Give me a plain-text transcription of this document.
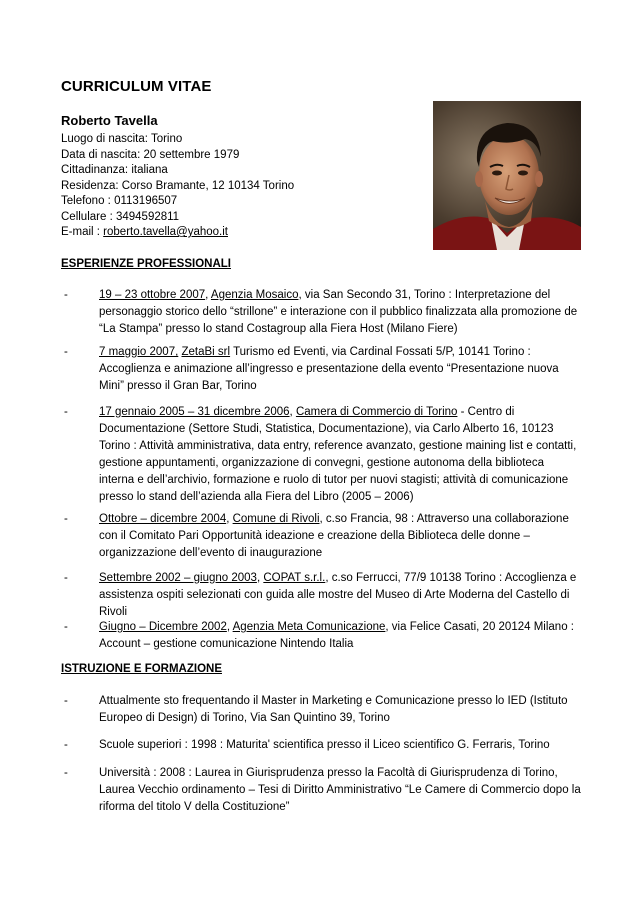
CURRICULUM VITAE
Roberto Tavella
Luogo di nascita: Torino
Data di nascita: 20 settembre 1979
Cittadinanza: italiana
Residenza: Corso Bramante, 12 10134 Torino
Telefono : 0113196507
Cellulare : 3494592811
E-mail : roberto.tavella@yahoo.it
ESPERIENZE PROFESSIONALI
-	19 – 23 ottobre 2007, Agenzia Mosaico, via San Secondo 31, Torino : Interpretazione del personaggio storico dello “strillone” e interazione con il pubblico finalizzata alla promozione de “La Stampa” presso lo stand Costagroup alla Fiera Host (Milano Fiere)
-	7 maggio 2007, ZetaBi srl Turismo ed Eventi, via Cardinal Fossati 5/P, 10141 Torino : Accoglienza e animazione all’ingresso e presentazione della evento “Presentazione nuova Mini” presso il Gran Bar, Torino
-	17 gennaio 2005 – 31 dicembre 2006, Camera di Commercio di Torino - Centro di Documentazione (Settore Studi, Statistica, Documentazione), via Carlo Alberto 16, 10123 Torino : Attività amministrativa, data entry, reference avanzato, gestione maining list e contatti, gestione appuntamenti, organizzazione di convegni, gestione autonoma della biblioteca interna e dell’archivio, formazione e ruolo di tutor per nuovi stagisti; attività di comunicazione presso lo stand dell’azienda alla Fiera del Libro (2005 – 2006)
-	Ottobre – dicembre 2004, Comune di Rivoli, c.so Francia, 98 : Attraverso una collaborazione con il Comitato Pari Opportunità ideazione e creazione della Biblioteca delle donne – organizzazione dell’evento di inaugurazione
-	Settembre 2002 – giugno 2003, COPAT s.r.l., c.so Ferrucci, 77/9 10138 Torino : Accoglienza e assistenza ospiti selezionati con guida alle mostre del Museo di Arte Moderna del Castello di Rivoli
-	Giugno – Dicembre 2002, Agenzia Meta Comunicazione, via Felice Casati, 20 20124 Milano : Account – gestione comunicazione Nintendo Italia
ISTRUZIONE E FORMAZIONE
-	Attualmente sto frequentando il Master in Marketing e Comunicazione presso lo IED (Istituto Europeo di Design) di Torino, Via San Quintino 39, Torino
-	Scuole superiori : 1998 : Maturita' scientifica presso il Liceo scientifico G. Ferraris, Torino
-	Università : 2008 : Laurea in Giurisprudenza presso la Facoltà di Giurisprudenza di Torino, Laurea Vecchio ordinamento – Tesi di Diritto Amministrativo “Le Camere di Commercio dopo la riforma del titolo V della Costituzione”
